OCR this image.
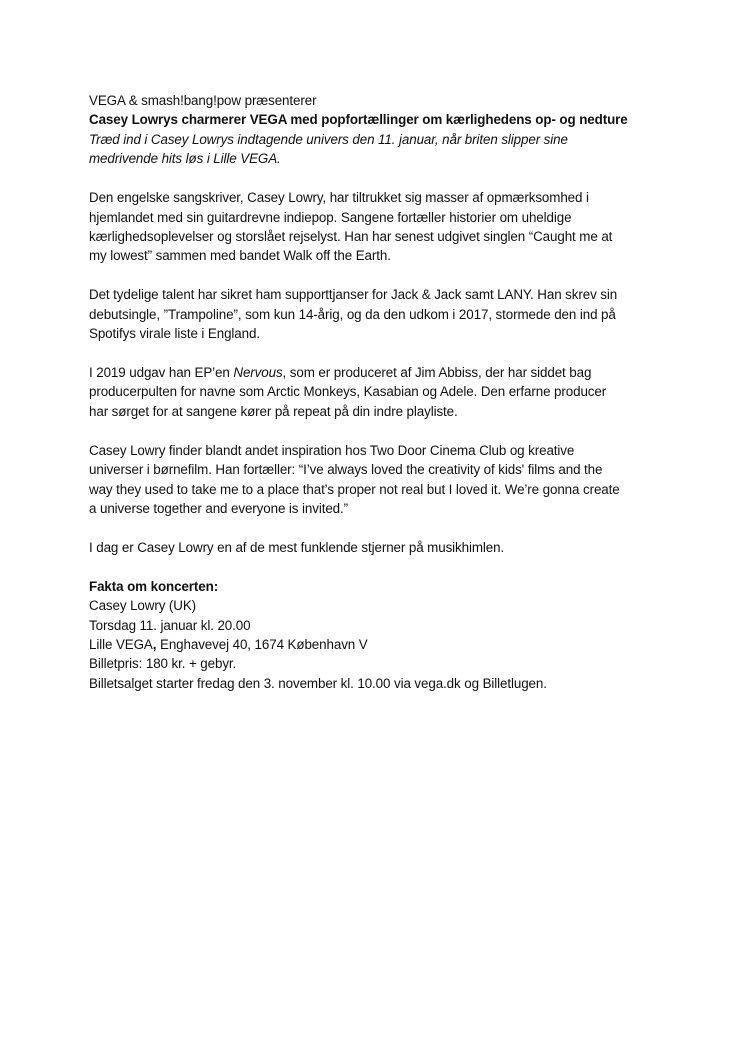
VEGA & smash!bang!pow præsenterer
Casey Lowrys charmerer VEGA med popfortællinger om kærlighedens op- og nedture
Træd ind i Casey Lowrys indtagende univers den 11. januar, når briten slipper sine
medrivende hits løs i Lille VEGA.
Den engelske sangskriver, Casey Lowry, har tiltrukket sig masser af opmærksomhed i
hjemlandet med sin guitardrevne indiepop. Sangene fortæller historier om uheldige
kærlighedsoplevelser og storslået rejselyst. Han har senest udgivet singlen “Caught me at
my lowest” sammen med bandet Walk off the Earth.
Det tydelige talent har sikret ham supporttjanser for Jack & Jack samt LANY. Han skrev sin
debutsingle, ”Trampoline”, som kun 14-årig, og da den udkom i 2017, stormede den ind på
Spotifys virale liste i England.
I 2019 udgav han EP’en Nervous, som er produceret af Jim Abbiss, der har siddet bag
producerpulten for navne som Arctic Monkeys, Kasabian og Adele. Den erfarne producer
har sørget for at sangene kører på repeat på din indre playliste.
Casey Lowry finder blandt andet inspiration hos Two Door Cinema Club og kreative
universer i børnefilm. Han fortæller: “I’ve always loved the creativity of kids' films and the
way they used to take me to a place that’s proper not real but I loved it. We’re gonna create
a universe together and everyone is invited.”
I dag er Casey Lowry en af de mest funklende stjerner på musikhimlen.
Fakta om koncerten:
Casey Lowry (UK)
Torsdag 11. januar kl. 20.00
Lille VEGA, Enghavevej 40, 1674 København V
Billetpris: 180 kr. + gebyr.
Billetsalget starter fredag den 3. november kl. 10.00 via vega.dk og Billetlugen.
